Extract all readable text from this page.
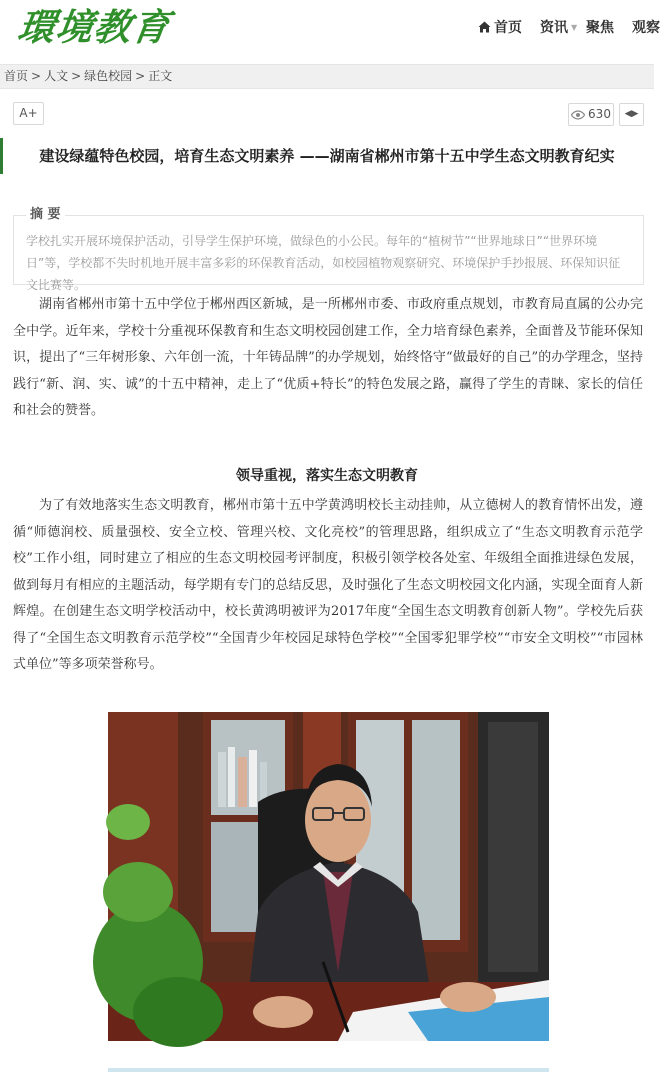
環境教育	首页 资讯 ▼ 聚焦 观察
首页 > 人文 > 绿色校园 > 正文
A+	630	◀▶
建设绿蕴特色校园，培育生态文明素养 ——湖南省郴州市第十五中学生态文明教育纪实
摘 要
学校扎实开展环境保护活动，引导学生保护环境，做绿色的小公民。每年的“植树节”“世界地球日”“世界环境日”等，学校都不失时机地开展丰富多彩的环保教育活动，如校园植物观察研究、环境保护手抄报展、环保知识征文比赛等。

湖南省郴州市第十五中学位于郴州西区新城，是一所郴州市委、市政府重点规划，市教育局直属的公办完全中学。近年来，学校十分重视环保教育和生态文明校园创建工作，全力培育绿色素养，全面普及节能环保知识，提出了“三年树形象、六年创一流，十年铸品牌”的办学规划，始终恪守“做最好的自己”的办学理念，坚持践行“新、润、实、诚”的十五中精神，走上了“优质+特长”的特色发展之路，赢得了学生的青睐、家长的信任和社会的赞誉。

领导重视，落实生态文明教育

为了有效地落实生态文明教育，郴州市第十五中学黄鸿明校长主动挂帅，从立德树人的教育情怀出发，遵循“师德润校、质量强校、安全立校、管理兴校、文化亮校”的管理思路，组织成立了“生态文明教育示范学校”工作小组，同时建立了相应的生态文明校园考评制度，积极引领学校各处室、年级组全面推进绿色发展，做到每月有相应的主题活动，每学期有专门的总结反思，及时强化了生态文明校园文化内涵，实现全面育人新辉煌。在创建生态文明学校活动中，校长黄鸿明被评为2017年度“全国生态文明教育创新人物”。学校先后获得了“全国生态文明教育示范学校”“全国青少年校园足球特色学校”“全国零犯罪学校”“市安全文明校”“市园林式单位”等多项荣誉称号。
